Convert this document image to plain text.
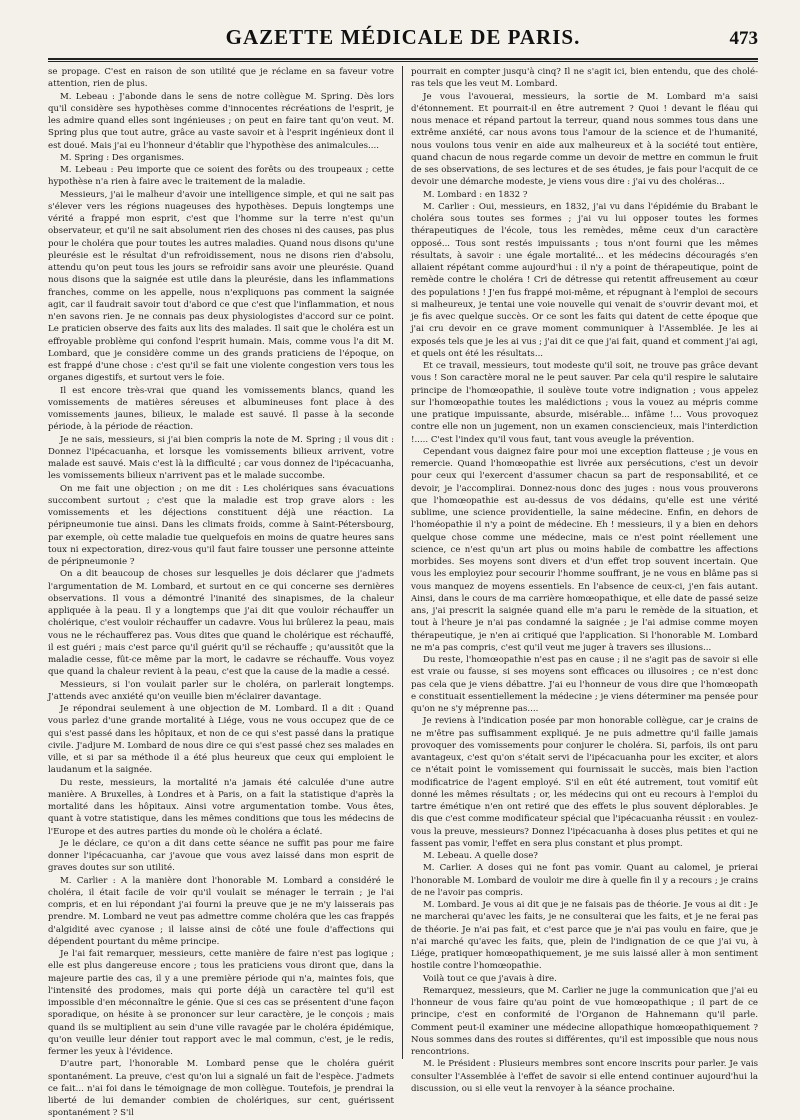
GAZETTE MÉDICALE DE PARIS.	473

se propage. C'est en raison de son utilité que je réclame en sa faveur votre attention, rien de plus.

M. Lebeau : J'abonde dans le sens de notre collègue M. Spring. Dès lors qu'il considère ses hypothèses comme d'innocentes récréations de l'esprit, je les admire quand elles sont ingénieuses ; on peut en faire tant qu'on veut. M. Spring plus que tout autre, grâce au vaste savoir et à l'esprit ingénieux dont il est doué. Mais j'ai eu l'honneur d'établir que l'hypothèse des animalcules....

M. Spring : Des organismes.

M. Lebeau : Peu importe que ce soient des forêts ou des troupeaux ; cette hypothèse n'a rien à faire avec le traitement de la maladie.

Messieurs, j'ai le malheur d'avoir une intelligence simple, et qui ne sait pas s'élever vers les régions nuageuses des hypothèses. Depuis longtemps une vérité a frappé mon esprit, c'est que l'homme sur la terre n'est qu'un observateur, et qu'il ne sait absolument rien des choses ni des causes, pas plus pour le choléra que pour toutes les autres maladies. Quand nous disons qu'une pleurésie est le résultat d'un refroidissement, nous ne disons rien d'absolu, attendu qu'on peut tous les jours se refroidir sans avoir une pleurésie. Quand nous disons que la saignée est utile dans la pleurésie, dans les inflammations franches, comme on les appelle, nous n'expliquons pas comment la saignée agit, car il faudrait savoir tout d'abord ce que c'est que l'inflammation, et nous n'en savons rien. Je ne connais pas deux physiologistes d'accord sur ce point. Le praticien observe des faits aux lits des malades. Il sait que le choléra est un effroyable problème qui confond l'esprit humain. Mais, comme vous l'a dit M. Lombard, que je considère comme un des grands praticiens de l'époque, on est frappé d'une chose : c'est qu'il se fait une violente congestion vers tous les organes digestifs, et surtout vers le foie.

Il est encore très-vrai que quand les vomissements blancs, quand les vomissements de matières séreuses et albumineuses font place à des vomissements jaunes, bilieux, le malade est sauvé. Il passe à la seconde période, à la période de réaction.

Je ne sais, messieurs, si j'ai bien compris la note de M. Spring ; il vous dit : Donnez l'ipécacuanha, et lorsque les vomissements bilieux arrivent, votre malade est sauvé. Mais c'est là la difficulté ; car vous donnez de l'ipécacuanha, les vomissements bilieux n'arrivent pas et le malade succombe.

On me fait une objection ; on me dit : Les cholériques sans évacuations succombent surtout ; c'est que la maladie est trop grave alors : les vomissements et les déjections constituent déjà une réaction. La péripneumonie tue ainsi. Dans les climats froids, comme à Saint-Pétersbourg, par exemple, où cette maladie tue quelquefois en moins de quatre heures sans toux ni expectoration, direz-vous qu'il faut faire tousser une personne atteinte de péripneumonie ?

On a dit beaucoup de choses sur lesquelles je dois déclarer que j'admets l'argumentation de M. Lombard, et surtout en ce qui concerne ses dernières observations. Il vous a démontré l'inanité des sinapismes, de la chaleur appliquée à la peau. Il y a longtemps que j'ai dit que vouloir réchauffer un cholérique, c'est vouloir réchauffer un cadavre. Vous lui brûlerez la peau, mais vous ne le réchaufferez pas. Vous dites que quand le cholérique est réchauffé, il est guéri ; mais c'est parce qu'il guérit qu'il se réchauffe ; qu'aussitôt que la maladie cesse, fût-ce même par la mort, le cadavre se réchauffe. Vous voyez que quand la chaleur revient à la peau, c'est que la cause de la madie a cessé.

Messieurs, si l'on voulait parler sur le choléra, on parlerait longtemps. J'attends avec anxiété qu'on veuille bien m'éclairer davantage.

Je répondrai seulement à une objection de M. Lombard. Il a dit : Quand vous parlez d'une grande mortalité à Liége, vous ne vous occupez que de ce qui s'est passé dans les hôpitaux, et non de ce qui s'est passé dans la pratique civile. J'adjure M. Lombard de nous dire ce qui s'est passé chez ses malades en ville, et si par sa méthode il a été plus heureux que ceux qui emploient le laudanum et la saignée.

Du reste, messieurs, la mortalité n'a jamais été calculée d'une autre manière. A Bruxelles, à Londres et à Paris, on a fait la statistique d'après la mortalité dans les hôpitaux. Ainsi votre argumentation tombe. Vous êtes, quant à votre statistique, dans les mêmes conditions que tous les médecins de l'Europe et des autres parties du monde où le choléra a éclaté.

Je le déclare, ce qu'on a dit dans cette séance ne suffit pas pour me faire donner l'ipécacuanha, car j'avoue que vous avez laissé dans mon esprit de graves doutes sur son utilité.

M. Carlier : A la manière dont l'honorable M. Lombard a considéré le choléra, il était facile de voir qu'il voulait se ménager le terrain ; je l'ai compris, et en lui répondant j'ai fourni la preuve que je ne m'y laisserais pas prendre. M. Lombard ne veut pas admettre comme choléra que les cas frappés d'algidité avec cyanose ; il laisse ainsi de côté une foule d'affections qui dépendent pourtant du même principe.

Je l'ai fait remarquer, messieurs, cette manière de faire n'est pas logique ; elle est plus dangereuse encore ; tous les praticiens vous diront que, dans la majeure partie des cas, il y a une première période qui n'a, maintes fois, que l'intensité des prodomes, mais qui porte déjà un caractère tel qu'il est impossible d'en méconnaître le génie. Que si ces cas se présentent d'une façon sporadique, on hésite à se prononcer sur leur caractère, je le conçois ; mais quand ils se multiplient au sein d'une ville ravagée par le choléra épidémique, qu'on veuille leur dénier tout rapport avec le mal commun, c'est, je le redis, fermer les yeux à l'évidence.

D'autre part, l'honorable M. Lombard pense que le choléra guérit spontanément. La preuve, c'est qu'on lui a signalé un fait de l'espèce. J'admets ce fait... n'ai foi dans le témoignage de mon collègue. Toutefois, je prendrai la liberté de lui demander combien de cholériques, sur cent, guérissent spontanément ? S'il

pourrait en compter jusqu'à cinq? Il ne s'agit ici, bien entendu, que des cholé-ras tels que les veut M. Lombard.

Je vous l'avouerai, messieurs, la sortie de M. Lombard m'a saisi d'étonnement. Et pourrait-il en être autrement ? Quoi ! devant le fléau qui nous menace et répand partout la terreur, quand nous sommes tous dans une extrême anxiété, car nous avons tous l'amour de la science et de l'humanité, nous voulons tous venir en aide aux malheureux et à la société tout entière, quand chacun de nous regarde comme un devoir de mettre en commun le fruit de ses observations, de ses lectures et de ses études, je fais pour l'acquit de ce devoir une démarche modeste, je viens vous dire : j'ai vu des choléras...

M. Lombard : en 1832 ?

M. Carlier : Oui, messieurs, en 1832, j'ai vu dans l'épidémie du Brabant le choléra sous toutes ses formes ; j'ai vu lui opposer toutes les formes thérapeutiques de l'école, tous les remèdes, même ceux d'un caractère opposé... Tous sont restés impuissants ; tous n'ont fourni que les mêmes résultats, à savoir : une égale mortalité... et les médecins découragés s'en allaient répétant comme aujourd'hui : il n'y a point de thérapeutique, point de remède contre le choléra ! Cri de détresse qui retentit affreusement au cœur des populations ! J'en fus frappé moi-même, et répugnant à l'emploi de secours si malheureux, je tentai une voie nouvelle qui venait de s'ouvrir devant moi, et je fis avec quelque succès. Or ce sont les faits qui datent de cette époque que j'ai cru devoir en ce grave moment communiquer à l'Assemblée. Je les ai exposés tels que je les ai vus ; j'ai dit ce que j'ai fait, quand et comment j'ai agi, et quels ont été les résultats...

Et ce travail, messieurs, tout modeste qu'il soit, ne trouve pas grâce devant vous ! Son caractère moral ne le peut sauver. Par cela qu'il respire le salutaire principe de l'homœopathie, il soulève toute votre indignation ; vous appelez sur l'homœopathie toutes les malédictions ; vous la vouez au mépris comme une pratique impuissante, absurde, misérable... infâme !... Vous provoquez contre elle non un jugement, non un examen consciencieux, mais l'interdiction !..... C'est l'index qu'il vous faut, tant vous aveugle la prévention.

Cependant vous daignez faire pour moi une exception flatteuse ; je vous en remercie. Quand l'homœopathie est livrée aux persécutions, c'est un devoir pour ceux qui l'exercent d'assumer chacun sa part de responsabilité, et ce devoir, je l'accomplirai. Donnez-nous donc des juges : nous vous prouverons que l'homœopathie est au-dessus de vos dédains, qu'elle est une vérité sublime, une science providentielle, la saine médecine. Enfin, en dehors de l'homéopathie il n'y a point de médecine. Eh ! messieurs, il y a bien en dehors quelque chose comme une médecine, mais ce n'est point réellement une science, ce n'est qu'un art plus ou moins habile de combattre les affections morbides. Ses moyens sont divers et d'un effet trop souvent incertain. Que vous les employiez pour secourir l'homme souffrant, je ne vous en blâme pas si vous manquez de moyens essentiels. En l'absence de ceux-ci, j'en fais autant. Ainsi, dans le cours de ma carrière homœopathique, et elle date de passé seize ans, j'ai prescrit la saignée quand elle m'a paru le remède de la situation, et tout à l'heure je n'ai pas condamné la saignée ; je l'ai admise comme moyen thérapeutique, je n'en ai critiqué que l'application. Si l'honorable M. Lombard ne m'a pas compris, c'est qu'il veut me juger à travers ses illusions...

Du reste, l'homœopathie n'est pas en cause ; il ne s'agit pas de savoir si elle est vraie ou fausse, si ses moyens sont efficaces ou illusoires ; ce n'est donc pas cela que je viens débattre. J'ai eu l'honneur de vous dire que l'homœopath e constituait essentiellement la médecine ; je viens déterminer ma pensée pour qu'on ne s'y méprenne pas....

Je reviens à l'indication posée par mon honorable collègue, car je crains de ne m'être pas suffisamment expliqué. Je ne puis admettre qu'il faille jamais provoquer des vomissements pour conjurer le choléra. Si, parfois, ils ont paru avantageux, c'est qu'on s'était servi de l'ipécacuanha pour les exciter, et alors ce n'était point le vomissement qui fournissait le succès, mais bien l'action modificatrice de l'agent employé. S'il en eût été autrement, tout vomitif eût donné les mêmes résultats ; or, les médecins qui ont eu recours à l'emploi du tartre émétique n'en ont retiré que des effets le plus souvent déplorables. Je dis que c'est comme modificateur spécial que l'ipécacuanha réussit : en voulez-vous la preuve, messieurs? Donnez l'ipécacuanha à doses plus petites et qui ne fassent pas vomir, l'effet en sera plus constant et plus prompt.

M. Lebeau. A quelle dose?

M. Carlier. A doses qui ne font pas vomir. Quant au calomel, je prierai l'honorable M. Lombard de vouloir me dire à quelle fin il y a recours ; je crains de ne l'avoir pas compris.

M. Lombard. Je vous ai dit que je ne faisais pas de théorie. Je vous ai dit : Je ne marcherai qu'avec les faits, je ne consulterai que les faits, et je ne ferai pas de théorie. Je n'ai pas fait, et c'est parce que je n'ai pas voulu en faire, que je n'ai marché qu'avec les faits, que, plein de l'indignation de ce que j'ai vu, à Liége, pratiquer homœopathiquement, je me suis laissé aller à mon sentiment hostile contre l'homœopathie.

Voilà tout ce que j'avais à dire.

Remarquez, messieurs, que M. Carlier ne juge la communication que j'ai eu l'honneur de vous faire qu'au point de vue homœopathique ; il part de ce principe, c'est en conformité de l'Organon de Hahnemann qu'il parle. Comment peut-il examiner une médecine allopathique homœopathiquement ? Nous sommes dans des routes si différentes, qu'il est impossible que nous nous rencontrions.

M. le Président : Plusieurs membres sont encore inscrits pour parler. Je vais consulter l'Assemblée à l'effet de savoir si elle entend continuer aujourd'hui la discussion, ou si elle veut la renvoyer à la séance prochaine.
